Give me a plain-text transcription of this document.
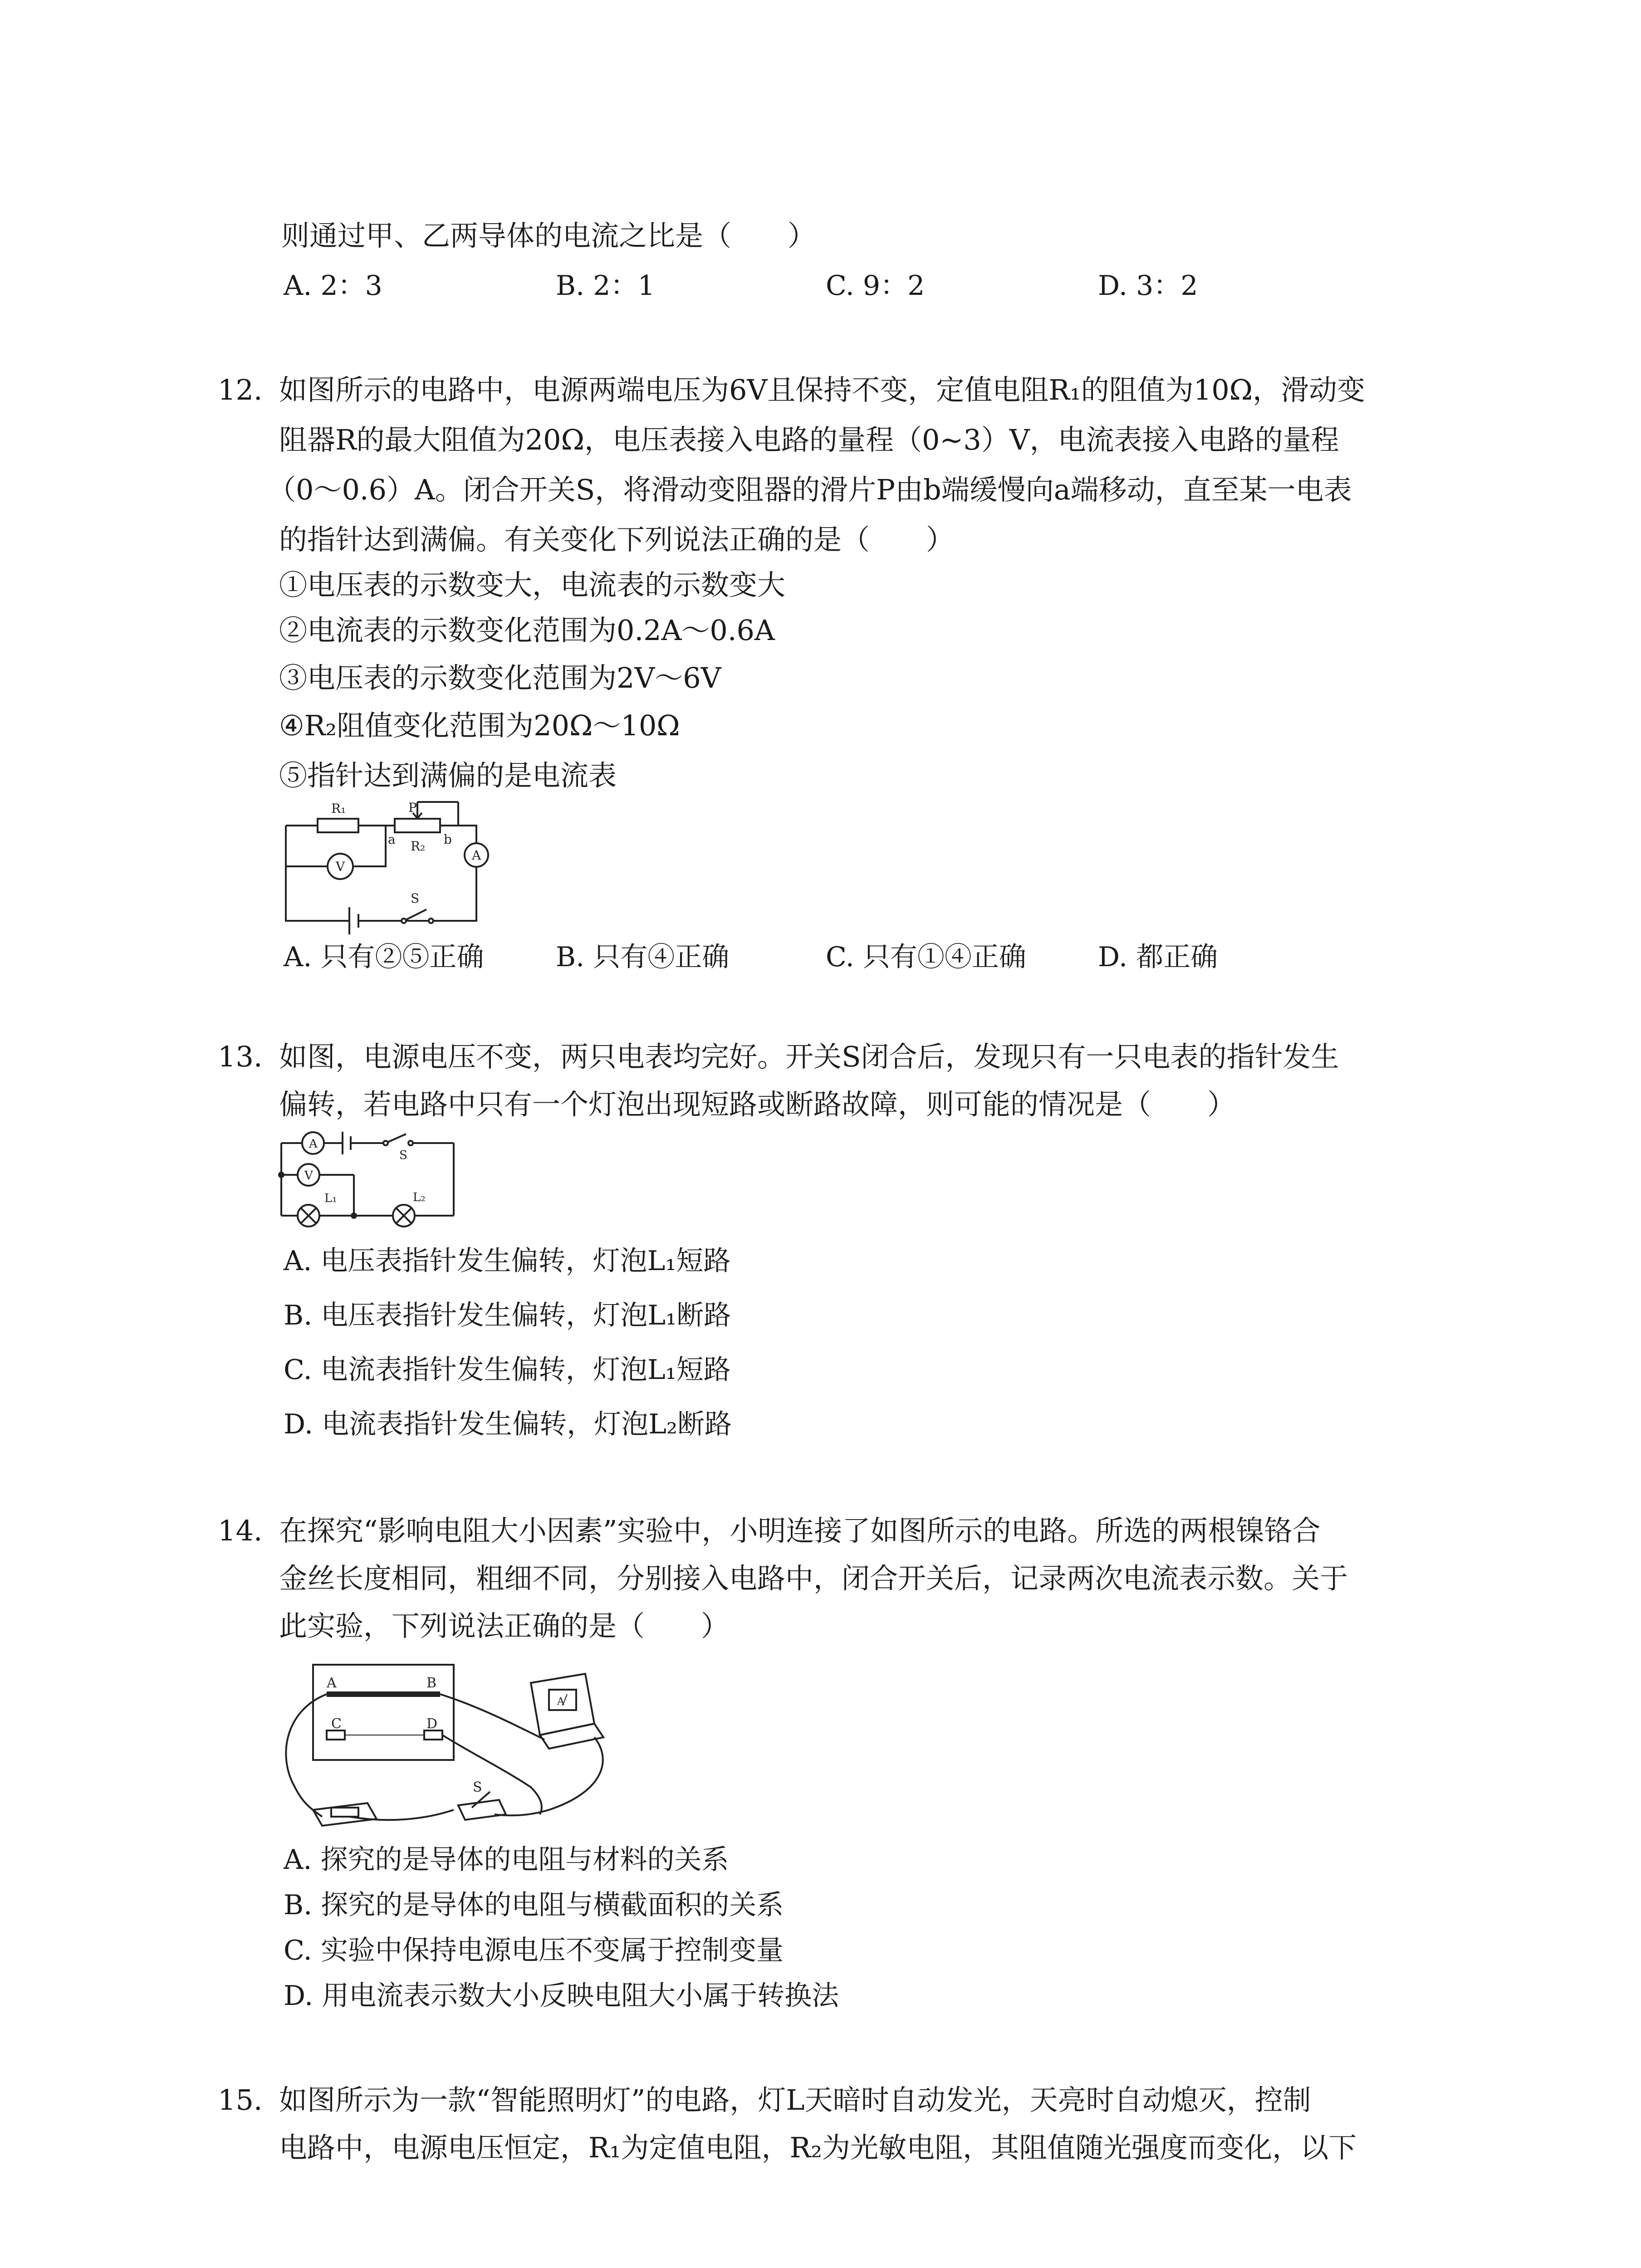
则通过甲、乙两导体的电流之比是（　　）
A. 2：3	B. 2：1	C. 9：2	D. 3：2
12. 如图所示的电路中，电源两端电压为6V且保持不变，定值电阻R₁的阻值为10Ω，滑动变
阻器R的最大阻值为20Ω，电压表接入电路的量程（0~3）V，电流表接入电路的量程
（0～0.6）A。闭合开关S，将滑动变阻器的滑片P由b端缓慢向a端移动，直至某一电表
的指针达到满偏。有关变化下列说法正确的是（　　）
①电压表的示数变大，电流表的示数变大
②电流表的示数变化范围为0.2A～0.6A
③电压表的示数变化范围为2V～6V
④R₂阻值变化范围为20Ω～10Ω
⑤指针达到满偏的是电流表
R₁	P
a	b
R₂
V
A
S
A. 只有②⑤正确	B. 只有④正确	C. 只有①④正确	D. 都正确
13. 如图，电源电压不变，两只电表均完好。开关S闭合后，发现只有一只电表的指针发生
偏转，若电路中只有一个灯泡出现短路或断路故障，则可能的情况是（　　）
A
S
V
L₁	L₂
A. 电压表指针发生偏转，灯泡L₁短路
B. 电压表指针发生偏转，灯泡L₁断路
C. 电流表指针发生偏转，灯泡L₁短路
D. 电流表指针发生偏转，灯泡L₂断路
14. 在探究“影响电阻大小因素”实验中，小明连接了如图所示的电路。所选的两根镍铬合
金丝长度相同，粗细不同，分别接入电路中，闭合开关后，记录两次电流表示数。关于
此实验，下列说法正确的是（　　）
A	B
C	D
S
A
A. 探究的是导体的电阻与材料的关系
B. 探究的是导体的电阻与横截面积的关系
C. 实验中保持电源电压不变属于控制变量
D. 用电流表示数大小反映电阻大小属于转换法
15. 如图所示为一款“智能照明灯”的电路，灯L天暗时自动发光，天亮时自动熄灭，控制
电路中，电源电压恒定，R₁为定值电阻，R₂为光敏电阻，其阻值随光强度而变化，以下
